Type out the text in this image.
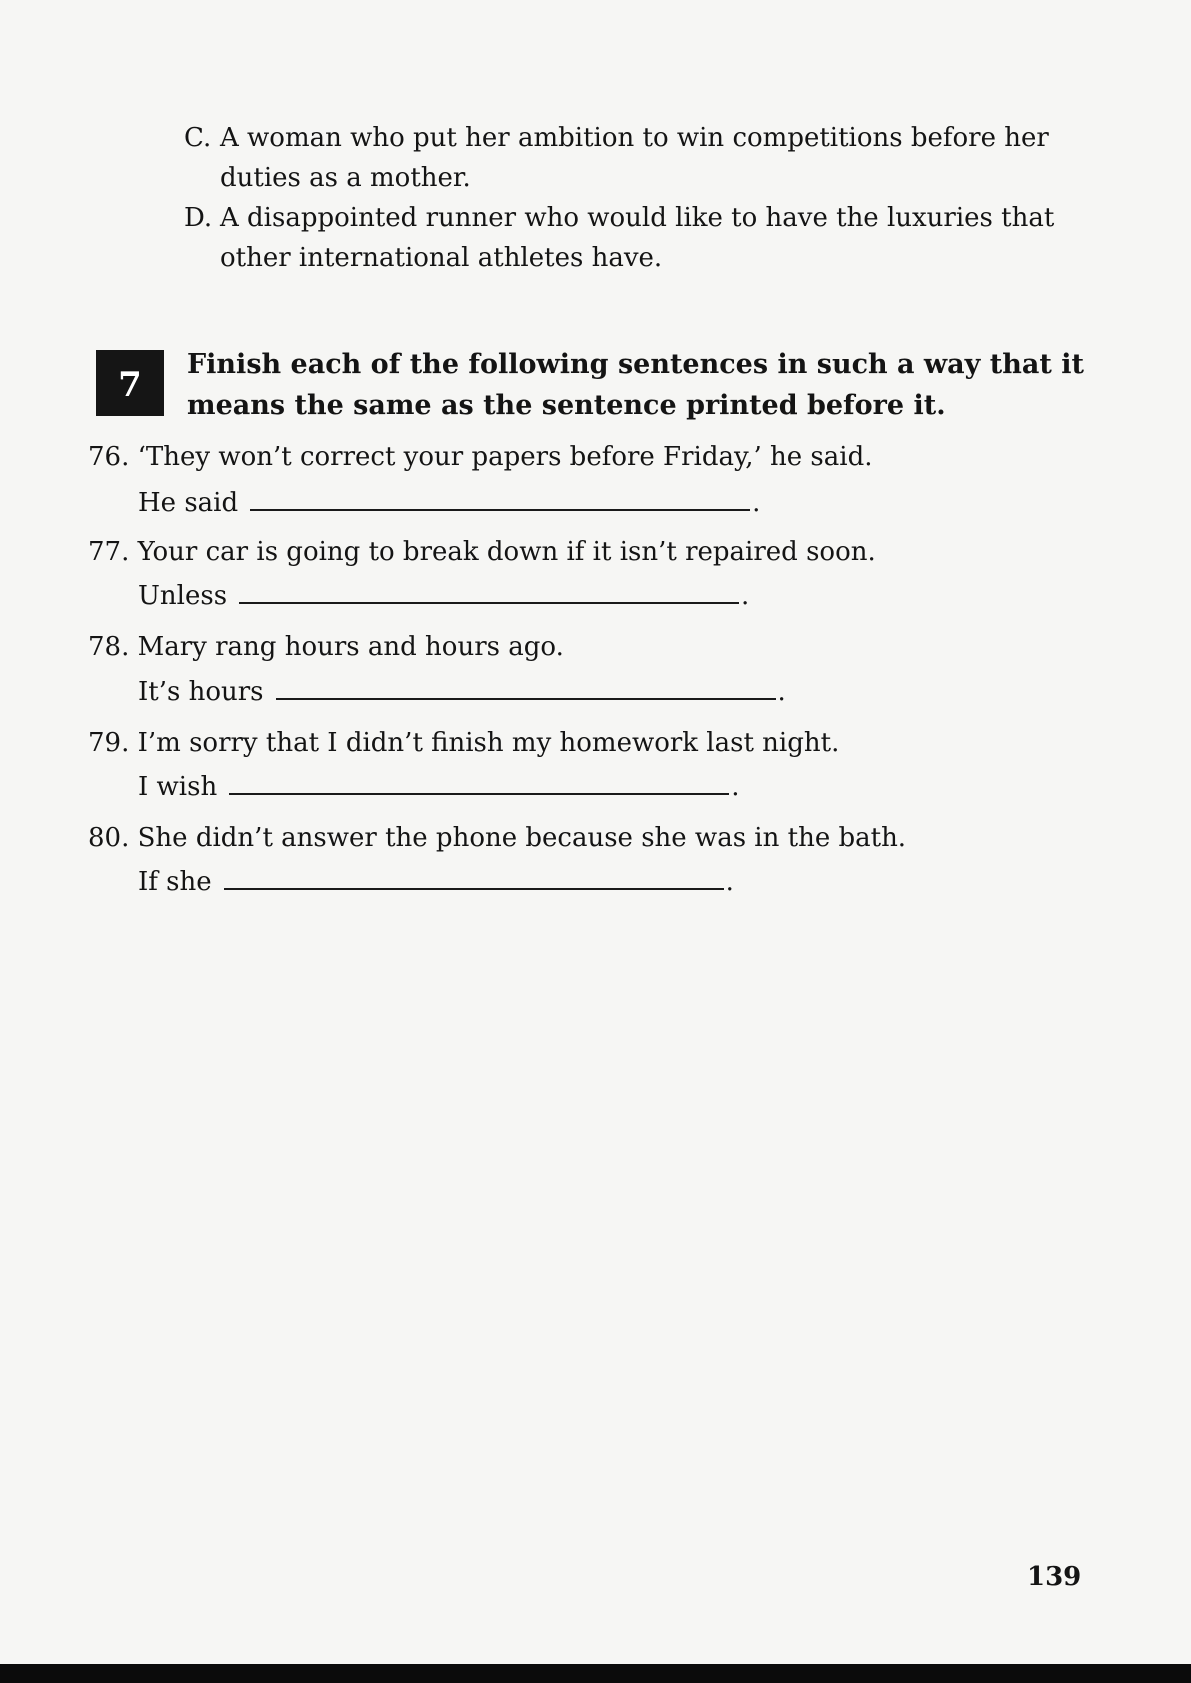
C. A woman who put her ambition to win competitions before her duties as a mother.
D. A disappointed runner who would like to have the luxuries that other international athletes have.
7
Finish each of the following sentences in such a way that it means the same as the sentence printed before it.
76. ‘They won’t correct your papers before Friday,’ he said.
He said	.
77. Your car is going to break down if it isn’t repaired soon.
Unless	.
78. Mary rang hours and hours ago.
It’s hours	.
79. I’m sorry that I didn’t finish my homework last night.
I wish	.
80. She didn’t answer the phone because she was in the bath.
If she	.
139
